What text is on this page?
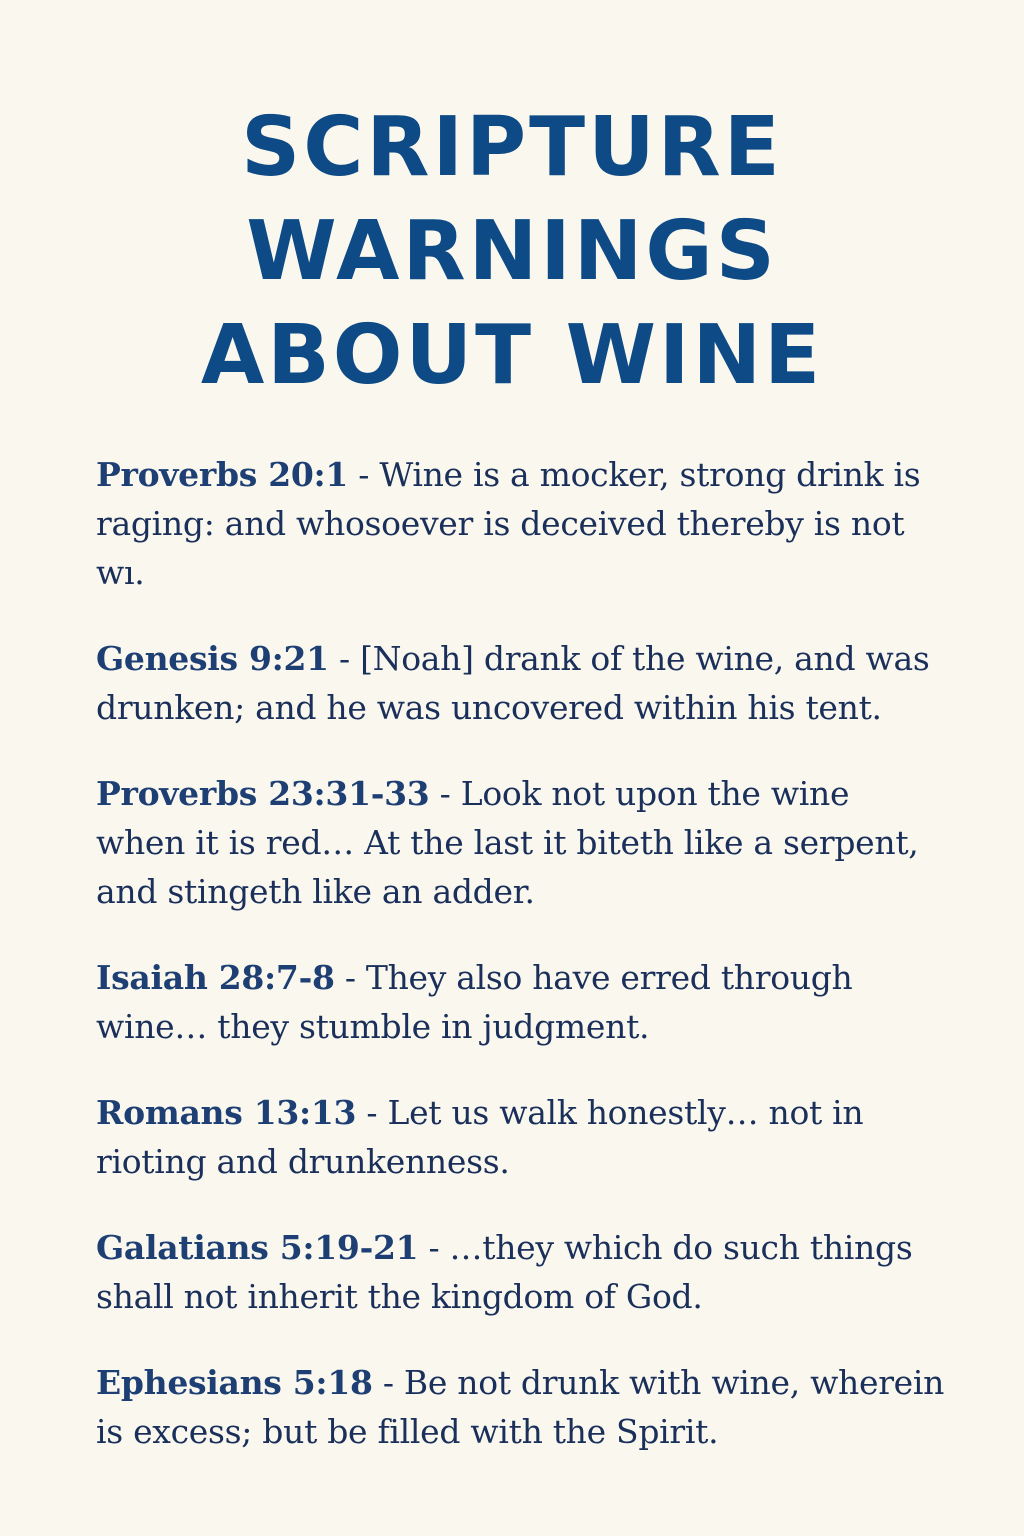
SCRIPTURE
WARNINGS
ABOUT WINE

Proverbs 20:1 - Wine is a mocker, strong drink is raging: and whosoever is deceived thereby is not wı.

Genesis 9:21 - [Noah] drank of the wine, and was drunken; and he was uncovered within his tent.

Proverbs 23:31-33 - Look not upon the wine when it is red… At the last it biteth like a serpent, and stingeth like an adder.

Isaiah 28:7-8 - They also have erred through wine… they stumble in judgment.

Romans 13:13 - Let us walk honestly… not in rioting and drunkenness.

Galatians 5:19-21 - …they which do such things shall not inherit the kingdom of God.

Ephesians 5:18 - Be not drunk with wine, wherein is excess; but be filled with the Spirit.
